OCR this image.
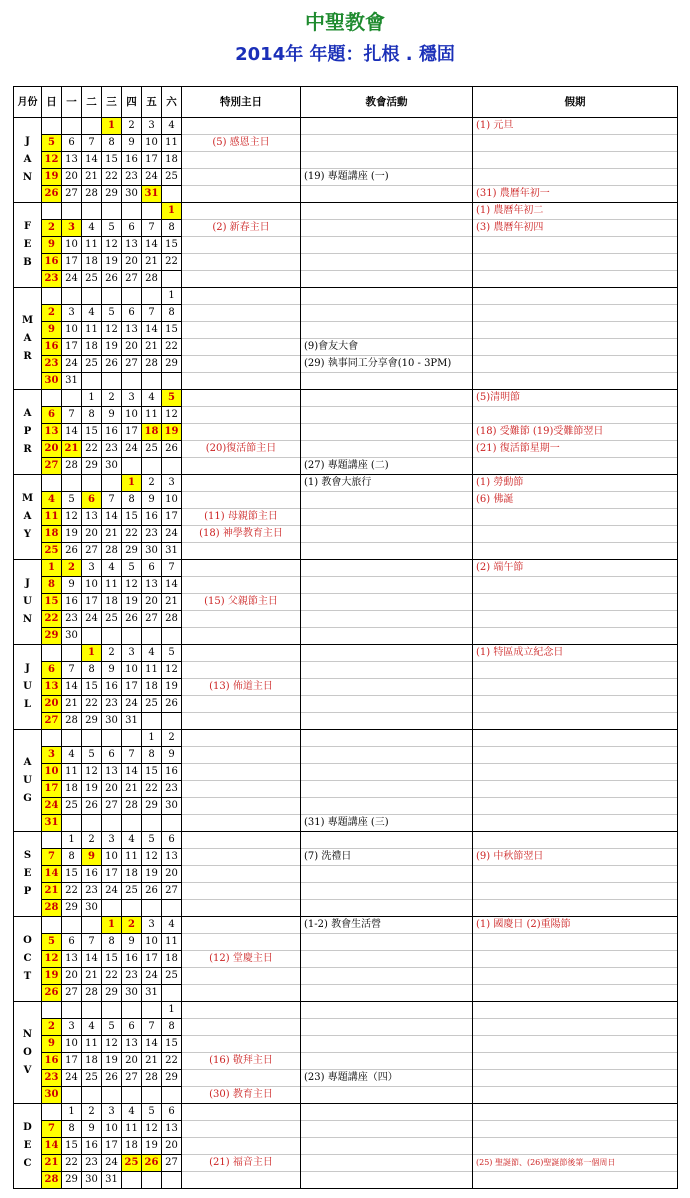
中聖教會
2014年 年題：扎根 . 穩固
月份	日	一	二	三	四	五	六	特別主日	教會活動	假期

J
A
N				1	2	3	4			(1) 元旦
	5	6	7	8	9	10	11	(5) 感恩主日		
	12	13	14	15	16	17	18			
	19	20	21	22	23	24	25		(19) 專題講座 (一)	
	26	27	28	29	30	31				(31) 農曆年初一

F
E
B							1			(1) 農曆年初二
	2	3	4	5	6	7	8	(2) 新春主日		(3) 農曆年初四
	9	10	11	12	13	14	15			
	16	17	18	19	20	21	22			
	23	24	25	26	27	28				

M
A
R							1			
	2	3	4	5	6	7	8			
	9	10	11	12	13	14	15			
	16	17	18	19	20	21	22		(9)會友大會	
	23	24	25	26	27	28	29		(29) 執事同工分享會(10 - 3PM)	
	30	31								

A
P
R			1	2	3	4	5			(5)清明節
	6	7	8	9	10	11	12			
	13	14	15	16	17	18	19			(18) 受難節 (19)受難節翌日
	20	21	22	23	24	25	26	(20)復活節主日		(21) 復活節星期一
	27	28	29	30					(27) 專題講座 (二)	

M
A
Y					1	2	3		(1) 教會大旅行	(1) 勞動節
	4	5	6	7	8	9	10			(6) 佛誕
	11	12	13	14	15	16	17	(11) 母親節主日		
	18	19	20	21	22	23	24	(18) 神學教育主日		
	25	26	27	28	29	30	31			

J
U
N	1	2	3	4	5	6	7			(2) 端午節
	8	9	10	11	12	13	14			
	15	16	17	18	19	20	21	(15) 父親節主日		
	22	23	24	25	26	27	28			
	29	30								

J
U
L			1	2	3	4	5			(1) 特區成立紀念日
	6	7	8	9	10	11	12			
	13	14	15	16	17	18	19	(13) 佈道主日		
	20	21	22	23	24	25	26			
	27	28	29	30	31					

A
U
G						1	2			
	3	4	5	6	7	8	9			
	10	11	12	13	14	15	16			
	17	18	19	20	21	22	23			
	24	25	26	27	28	29	30			
	31								(31) 專題講座 (三)	

S
E
P		1	2	3	4	5	6			
	7	8	9	10	11	12	13		(7) 洗禮日	(9) 中秋節翌日
	14	15	16	17	18	19	20			
	21	22	23	24	25	26	27			
	28	29	30							

O
C
T				1	2	3	4		(1-2) 教會生活營	(1) 國慶日 (2)重陽節
	5	6	7	8	9	10	11			
	12	13	14	15	16	17	18	(12) 堂慶主日		
	19	20	21	22	23	24	25			
	26	27	28	29	30	31				

N
O
V							1			
	2	3	4	5	6	7	8			
	9	10	11	12	13	14	15			
	16	17	18	19	20	21	22	(16) 敬拜主日		
	23	24	25	26	27	28	29		(23) 專題講座（四）	
	30							(30) 教育主日		

D
E
C		1	2	3	4	5	6			
	7	8	9	10	11	12	13			
	14	15	16	17	18	19	20			
	21	22	23	24	25	26	27	(21) 福音主日		(25) 聖誕節、(26)聖誕節後第一個周日
	28	29	30	31						
